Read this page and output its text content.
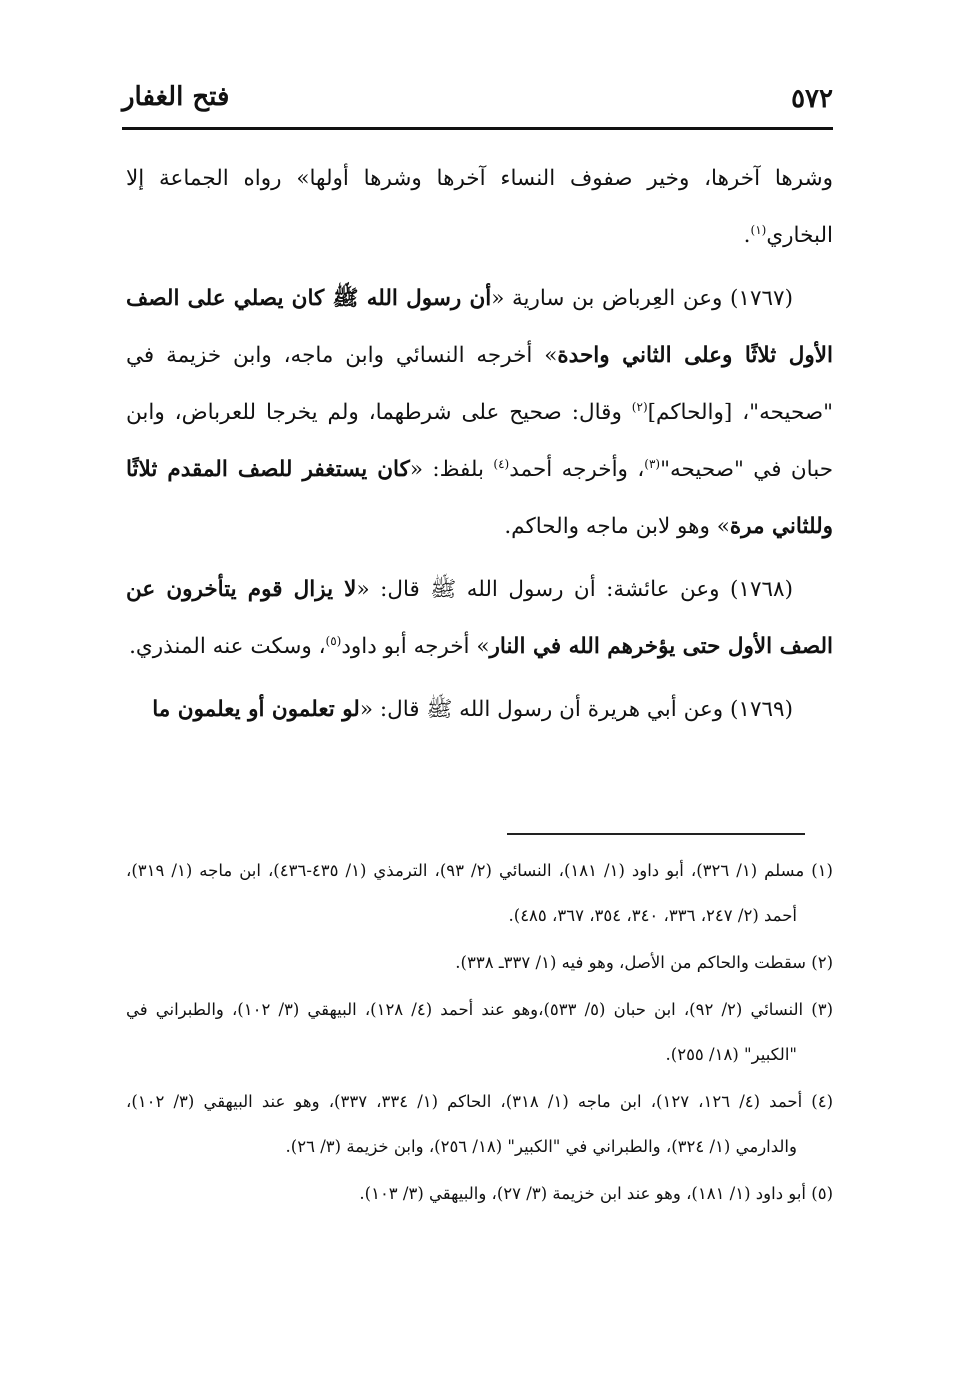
٥٧٢
فتح الغفار

وشرها آخرها، وخير صفوف النساء آخرها وشرها أولها» رواه الجماعة إلا البخاري$^{(١)}$.

(١٧٦٧) وعن العِرباض بن سارية «أن رسول الله ﷺ كان يصلي على الصف الأول ثلاثًا وعلى الثاني واحدة» أخرجه النسائي وابن ماجه، وابن خزيمة في "صحيحه"، [والحاكم]$^{(٢)}$ وقال: صحيح على شرطهما، ولم يخرجا للعرباض، وابن حبان في "صحيحه"$^{(٣)}$، وأخرجه أحمد$^{(٤)}$ بلفظ: «كان يستغفر للصف المقدم ثلاثًا وللثاني مرة» وهو لابن ماجه والحاكم.

(١٧٦٨) وعن عائشة: أن رسول الله ﷺ قال: «لا يزال قوم يتأخرون عن الصف الأول حتى يؤخرهم الله في النار» أخرجه أبو داود$^{(٥)}$، وسكت عنه المنذري.

(١٧٦٩) وعن أبي هريرة أن رسول الله ﷺ قال: «لو تعلمون أو يعلمون ما

(١) مسلم (١/ ٣٢٦)، أبو داود (١/ ١٨١)، النسائي (٢/ ٩٣)، الترمذي (١/ ٤٣٥-٤٣٦)، ابن ماجه (١/ ٣١٩)، أحمد (٢/ ٢٤٧، ٣٣٦، ٣٤٠، ٣٥٤، ٣٦٧، ٤٨٥).

(٢) سقطت والحاكم من الأصل، وهو فيه (١/ ٣٣٧ـ ٣٣٨).

(٣) النسائي (٢/ ٩٢)، ابن حبان (٥/ ٥٣٣)،وهو عند أحمد (٤/ ١٢٨)، البيهقي (٣/ ١٠٢)، والطبراني في "الكبير" (١٨/ ٢٥٥).

(٤) أحمد (٤/ ١٢٦، ١٢٧)، ابن ماجه (١/ ٣١٨)، الحاكم (١/ ٣٣٤، ٣٣٧)، وهو عند البيهقي (٣/ ١٠٢)، والدارمي (١/ ٣٢٤)، والطبراني في "الكبير" (١٨/ ٢٥٦)، وابن خزيمة (٣/ ٢٦).

(٥) أبو داود (١/ ١٨١)، وهو عند ابن خزيمة (٣/ ٢٧)، والبيهقي (٣/ ١٠٣).
